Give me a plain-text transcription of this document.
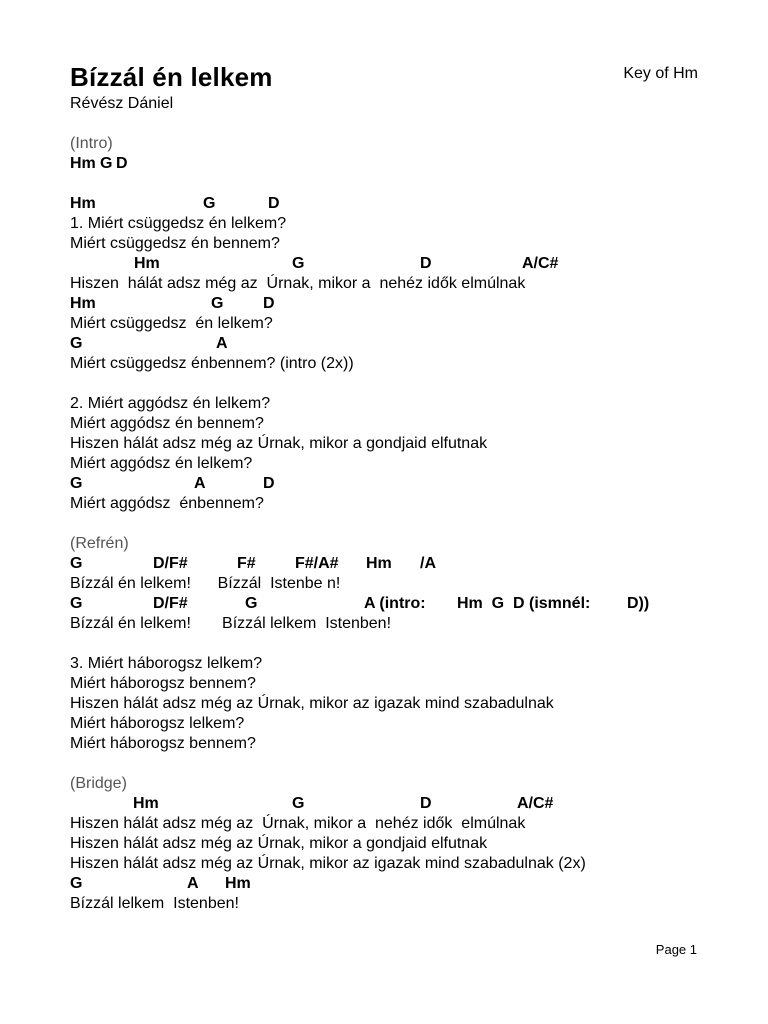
Bízzál én lelkem
Révész Dániel
Key of Hm
(Intro)

Hm

G

D

Hm

	G

	D

1. Miért csüggedsz én lelkem?
Miért csüggedsz én bennem?

Hm

	G

	D

	A/C#

Hiszen  hálát adsz még az  Úrnak, mikor a  nehéz idők elmúlnak

Hm

	G

D

Miért csüggedsz  én lelkem?

G

	A

Miért csüggedsz énbennem? (intro (2x))
2. Miért aggódsz én lelkem?
Miért aggódsz én bennem?
Hiszen hálát adsz még az Úrnak, mikor a gondjaid elfutnak
Miért aggódsz én lelkem?

G

	A

	D

Miért aggódsz  énbennem?
(Refrén)

G

	D/F#

	F#

F#/A#

Hm

/A

Bízzál én lelkem!      Bízzál  Istenbe n!

G

	D/F#

	G

	A (intro:

Hm  G  D (ismnél:

D))

Bízzál én lelkem!       Bízzál lelkem  Istenben!
3. Miért háborogsz lelkem?
Miért háborogsz bennem?
Hiszen hálát adsz még az Úrnak, mikor az igazak mind szabadulnak
Miért háborogsz lelkem?
Miért háborogsz bennem?
(Bridge)

Hm

	G

	D

	A/C#

Hiszen hálát adsz még az  Úrnak, mikor a  nehéz idők  elmúlnak
Hiszen hálát adsz még az Úrnak, mikor a gondjaid elfutnak
Hiszen hálát adsz még az Úrnak, mikor az igazak mind szabadulnak (2x)

G

	A

Hm

Bízzál lelkem  Istenben!
Page 1
